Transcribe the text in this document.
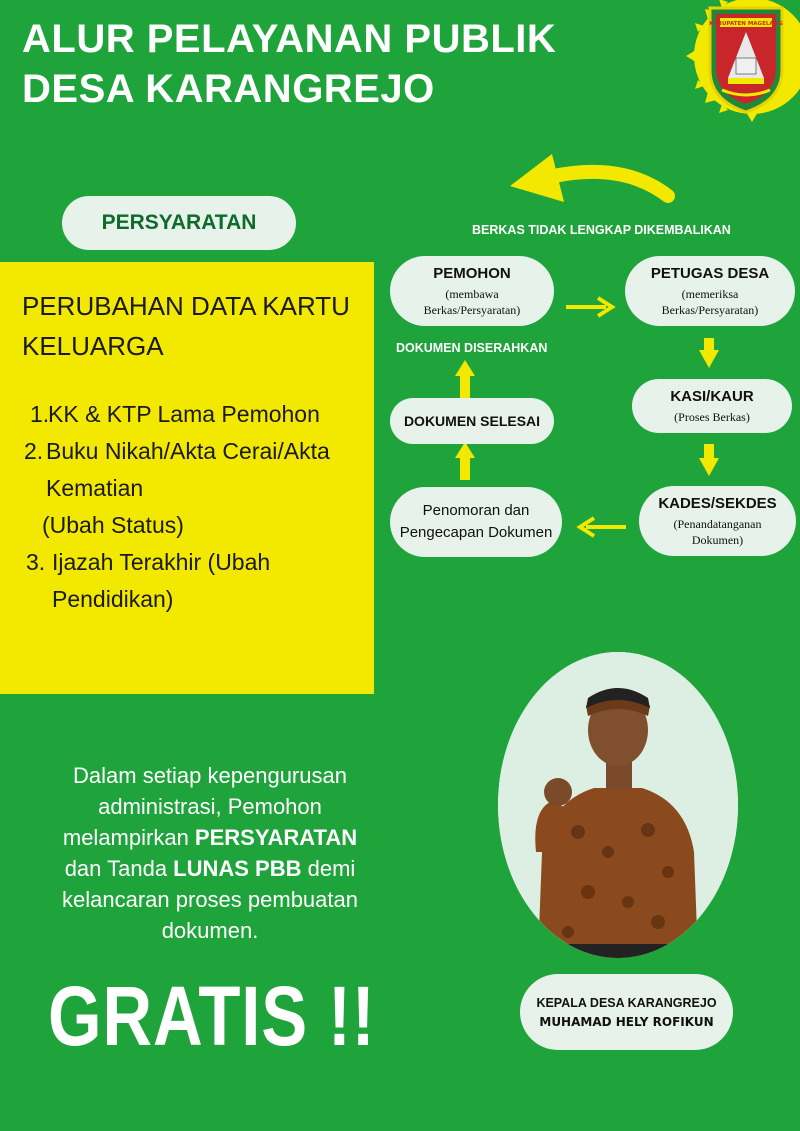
ALUR PELAYANAN PUBLIK
DESA KARANGREJO
KABUPATEN MAGELANG
PERSYARATAN
PERUBAHAN DATA KARTU KELUARGA
1.
KK & KTP Lama Pemohon
2. Buku Nikah/Akta Cerai/Akta
Kematian
(Ubah Status)
3. Ijazah Terakhir (Ubah
Pendidikan)
BERKAS TIDAK LENGKAP DIKEMBALIKAN
DOKUMEN DISERAHKAN
PEMOHON
(membawa
Berkas/Persyaratan)
PETUGAS DESA
(memeriksa
Berkas/Persyaratan)
KASI/KAUR
(Proses Berkas)
DOKUMEN SELESAI
KADES/SEKDES
(Penandatanganan
Dokumen)
Penomoran dan
Pengecapan Dokumen
Dalam setiap kepengurusan
administrasi, Pemohon
melampirkan PERSYARATAN
dan Tanda LUNAS PBB demi
kelancaran proses pembuatan
dokumen.
GRATIS !!	KEPALA DESA KARANGREJO
MUHAMAD HELY ROFIKUN
